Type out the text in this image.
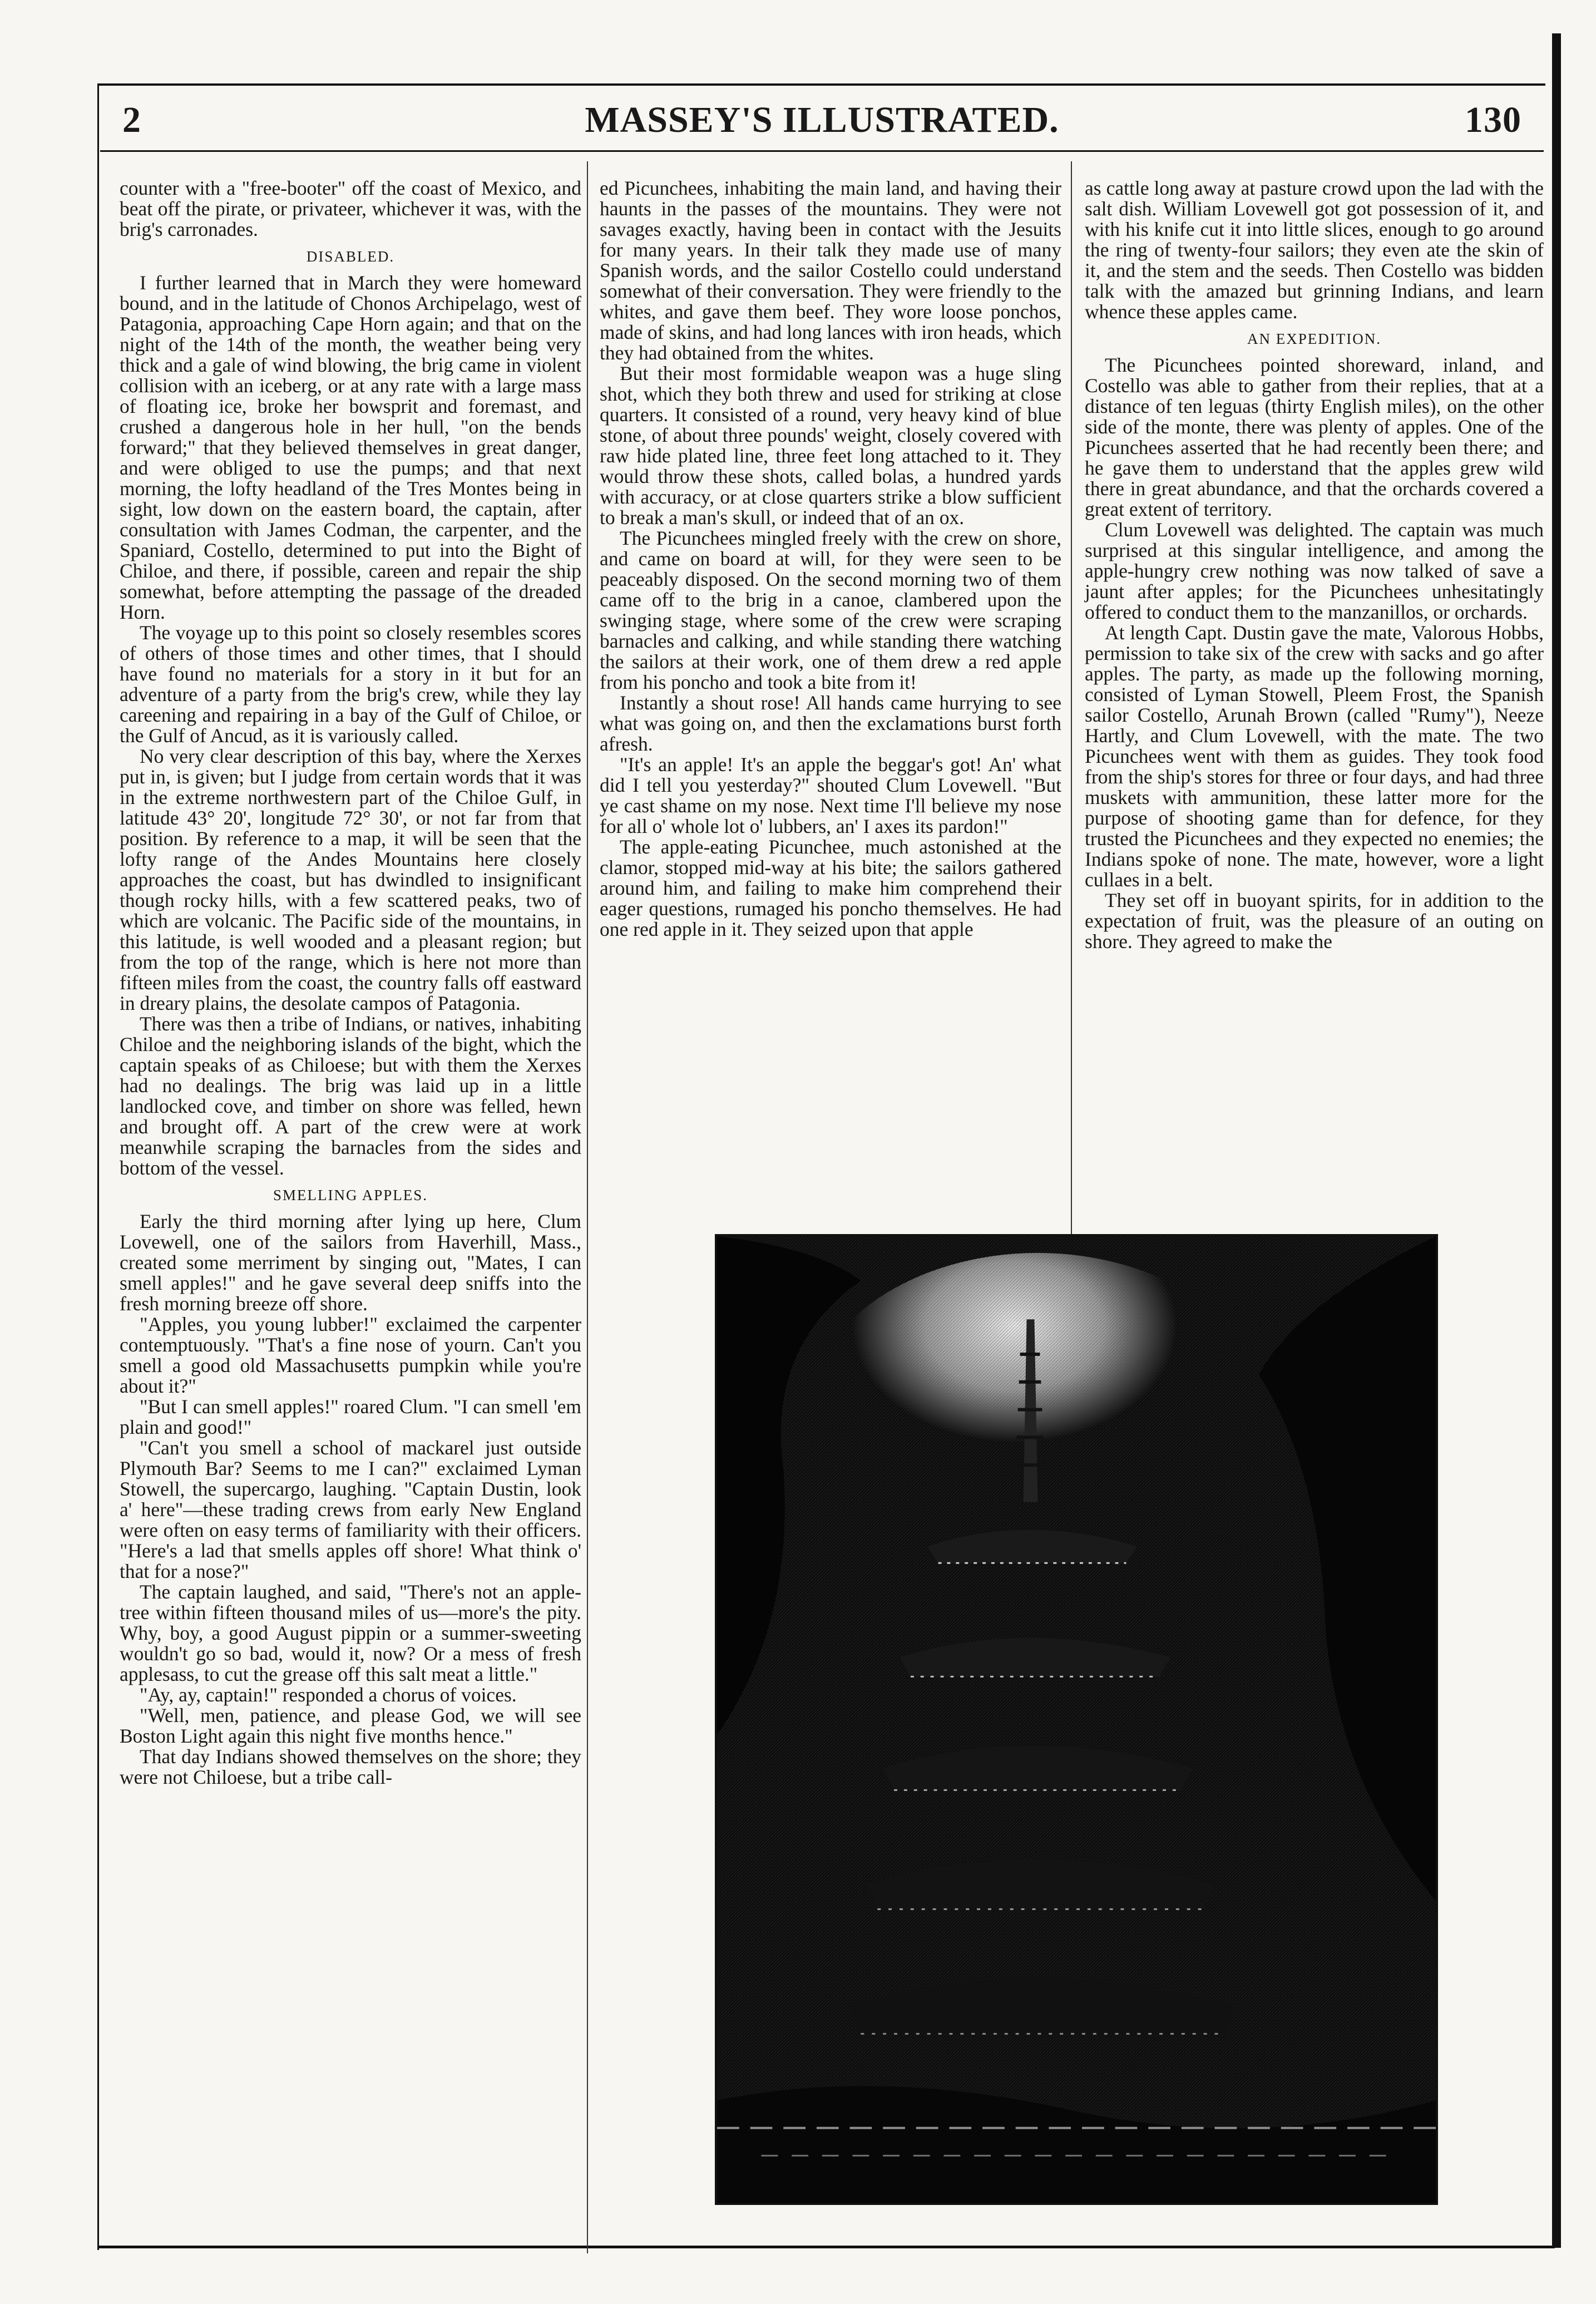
2	MASSEY'S ILLUSTRATED.	130

counter with a "free-booter" off the coast of Mexico, and beat off the pirate, or privateer, whichever it was, with the brig's carronades.

DISABLED.

I further learned that in March they were homeward bound, and in the latitude of Chonos Archipelago, west of Patagonia, approaching Cape Horn again; and that on the night of the 14th of the month, the weather being very thick and a gale of wind blowing, the brig came in violent collision with an iceberg, or at any rate with a large mass of floating ice, broke her bowsprit and foremast, and crushed a dangerous hole in her hull, "on the bends forward;" that they believed themselves in great danger, and were obliged to use the pumps; and that next morning, the lofty headland of the Tres Montes being in sight, low down on the eastern board, the captain, after consultation with James Codman, the carpenter, and the Spaniard, Costello, determined to put into the Bight of Chiloe, and there, if possible, careen and repair the ship somewhat, before attempting the passage of the dreaded Horn.

The voyage up to this point so closely resembles scores of others of those times and other times, that I should have found no materials for a story in it but for an adventure of a party from the brig's crew, while they lay careening and repairing in a bay of the Gulf of Chiloe, or the Gulf of Ancud, as it is variously called.

No very clear description of this bay, where the Xerxes put in, is given; but I judge from certain words that it was in the extreme northwestern part of the Chiloe Gulf, in latitude 43° 20', longitude 72° 30', or not far from that position. By reference to a map, it will be seen that the lofty range of the Andes Mountains here closely approaches the coast, but has dwindled to insignificant though rocky hills, with a few scattered peaks, two of which are volcanic. The Pacific side of the mountains, in this latitude, is well wooded and a pleasant region; but from the top of the range, which is here not more than fifteen miles from the coast, the country falls off eastward in dreary plains, the desolate campos of Patagonia.

There was then a tribe of Indians, or natives, inhabiting Chiloe and the neighboring islands of the bight, which the captain speaks of as Chiloese; but with them the Xerxes had no dealings. The brig was laid up in a little landlocked cove, and timber on shore was felled, hewn and brought off. A part of the crew were at work meanwhile scraping the barnacles from the sides and bottom of the vessel.

SMELLING APPLES.

Early the third morning after lying up here, Clum Lovewell, one of the sailors from Haverhill, Mass., created some merriment by singing out, "Mates, I can smell apples!" and he gave several deep sniffs into the fresh morning breeze off shore.

"Apples, you young lubber!" exclaimed the carpenter contemptuously. "That's a fine nose of yourn. Can't you smell a good old Massachusetts pumpkin while you're about it?"

"But I can smell apples!" roared Clum. "I can smell 'em plain and good!"

"Can't you smell a school of mackarel just outside Plymouth Bar? Seems to me I can?" exclaimed Lyman Stowell, the supercargo, laughing. "Captain Dustin, look a' here"—these trading crews from early New England were often on easy terms of familiarity with their officers. "Here's a lad that smells apples off shore! What think o' that for a nose?"

The captain laughed, and said, "There's not an apple-tree within fifteen thousand miles of us—more's the pity. Why, boy, a good August pippin or a summer-sweeting wouldn't go so bad, would it, now? Or a mess of fresh applesass, to cut the grease off this salt meat a little."

"Ay, ay, captain!" responded a chorus of voices.

"Well, men, patience, and please God, we will see Boston Light again this night five months hence."

That day Indians showed themselves on the shore; they were not Chiloese, but a tribe call-

ed Picunchees, inhabiting the main land, and having their haunts in the passes of the mountains. They were not savages exactly, having been in contact with the Jesuits for many years. In their talk they made use of many Spanish words, and the sailor Costello could understand somewhat of their conversation. They were friendly to the whites, and gave them beef. They wore loose ponchos, made of skins, and had long lances with iron heads, which they had obtained from the whites.

But their most formidable weapon was a huge sling shot, which they both threw and used for striking at close quarters. It consisted of a round, very heavy kind of blue stone, of about three pounds' weight, closely covered with raw hide plated line, three feet long attached to it. They would throw these shots, called bolas, a hundred yards with accuracy, or at close quarters strike a blow sufficient to break a man's skull, or indeed that of an ox.

The Picunchees mingled freely with the crew on shore, and came on board at will, for they were seen to be peaceably disposed. On the second morning two of them came off to the brig in a canoe, clambered upon the swinging stage, where some of the crew were scraping barnacles and calking, and while standing there watching the sailors at their work, one of them drew a red apple from his poncho and took a bite from it!

Instantly a shout rose! All hands came hurrying to see what was going on, and then the exclamations burst forth afresh.

"It's an apple! It's an apple the beggar's got! An' what did I tell you yesterday?" shouted Clum Lovewell. "But ye cast shame on my nose. Next time I'll believe my nose for all o' whole lot o' lubbers, an' I axes its pardon!"

The apple-eating Picunchee, much astonished at the clamor, stopped mid-way at his bite; the sailors gathered around him, and failing to make him comprehend their eager questions, rumaged his poncho themselves. He had one red apple in it. They seized upon that apple

as cattle long away at pasture crowd upon the lad with the salt dish. William Lovewell got got possession of it, and with his knife cut it into little slices, enough to go around the ring of twenty-four sailors; they even ate the skin of it, and the stem and the seeds. Then Costello was bidden talk with the amazed but grinning Indians, and learn whence these apples came.

AN EXPEDITION.

The Picunchees pointed shoreward, inland, and Costello was able to gather from their replies, that at a distance of ten leguas (thirty English miles), on the other side of the monte, there was plenty of apples. One of the Picunchees asserted that he had recently been there; and he gave them to understand that the apples grew wild there in great abundance, and that the orchards covered a great extent of territory.

Clum Lovewell was delighted. The captain was much surprised at this singular intelligence, and among the apple-hungry crew nothing was now talked of save a jaunt after apples; for the Picunchees unhesitatingly offered to conduct them to the manzanillos, or orchards.

At length Capt. Dustin gave the mate, Valorous Hobbs, permission to take six of the crew with sacks and go after apples. The party, as made up the following morning, consisted of Lyman Stowell, Pleem Frost, the Spanish sailor Costello, Arunah Brown (called "Rumy"), Neeze Hartly, and Clum Lovewell, with the mate. The two Picunchees went with them as guides. They took food from the ship's stores for three or four days, and had three muskets with ammunition, these latter more for the purpose of shooting game than for defence, for they trusted the Picunchees and they expected no enemies; the Indians spoke of none. The mate, however, wore a light cullaes in a belt.

They set off in buoyant spirits, for in addition to the expectation of fruit, was the pleasure of an outing on shore. They agreed to make the
